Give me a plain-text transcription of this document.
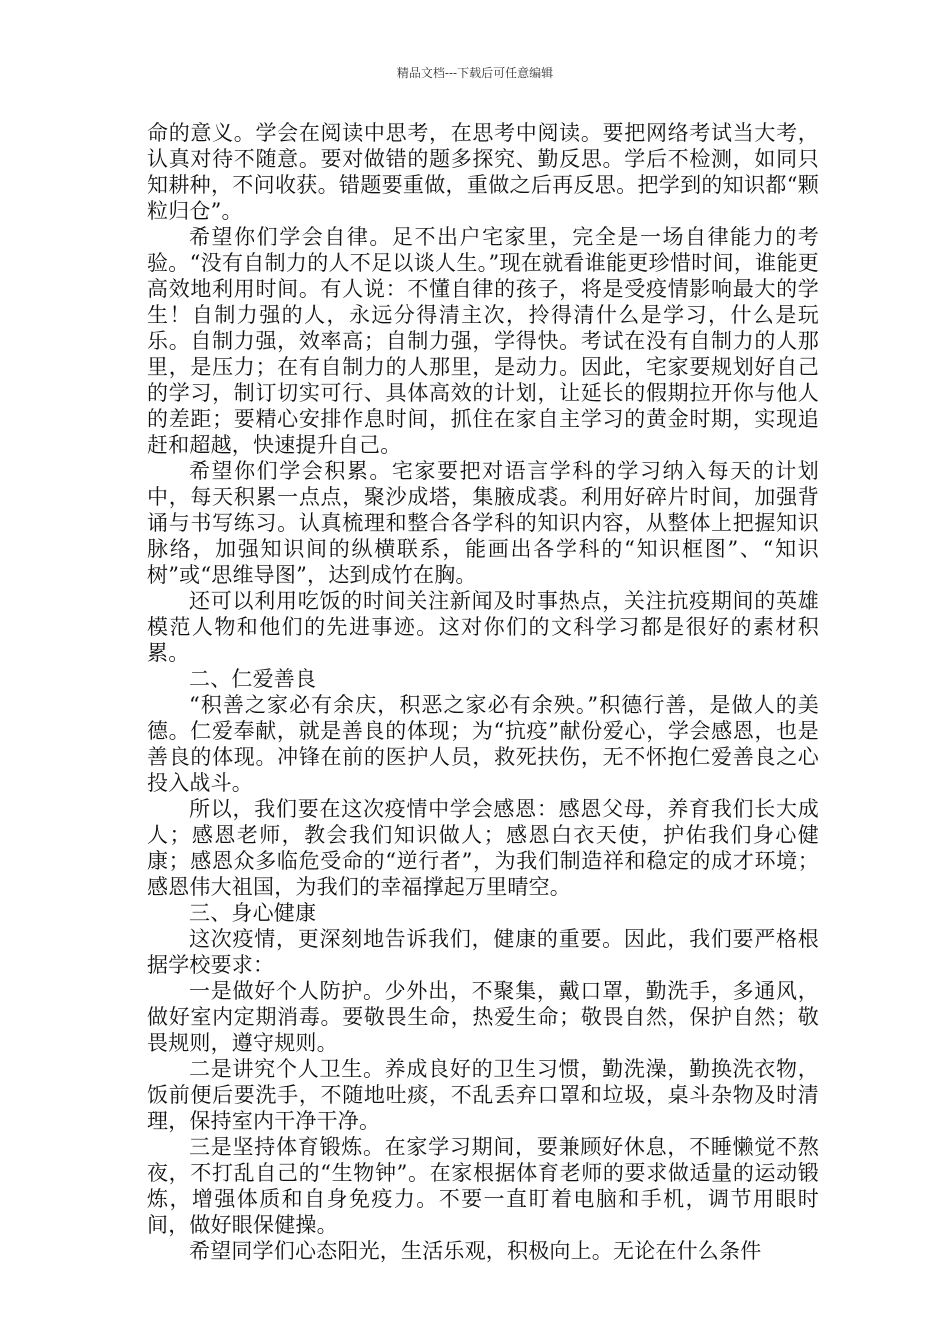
精品文档---下载后可任意编辑

命的意义。学会在阅读中思考，在思考中阅读。要把网络考试当大考，认真对待不随意。要对做错的题多探究、勤反思。学后不检测，如同只知耕种，不问收获。错题要重做，重做之后再反思。把学到的知识都“颗粒归仓”。

希望你们学会自律。足不出户宅家里，完全是一场自律能力的考验。“没有自制力的人不足以谈人生。”现在就看谁能更珍惜时间，谁能更高效地利用时间。有人说：不懂自律的孩子，将是受疫情影响最大的学生！自制力强的人，永远分得清主次，拎得清什么是学习，什么是玩乐。自制力强，效率高；自制力强，学得快。考试在没有自制力的人那里，是压力；在有自制力的人那里，是动力。因此，宅家要规划好自己的学习，制订切实可行、具体高效的计划，让延长的假期拉开你与他人的差距；要精心安排作息时间，抓住在家自主学习的黄金时期，实现追赶和超越，快速提升自己。

希望你们学会积累。宅家要把对语言学科的学习纳入每天的计划中，每天积累一点点，聚沙成塔，集腋成裘。利用好碎片时间，加强背诵与书写练习。认真梳理和整合各学科的知识内容，从整体上把握知识脉络，加强知识间的纵横联系，能画出各学科的“知识框图”、“知识树”或“思维导图”，达到成竹在胸。

还可以利用吃饭的时间关注新闻及时事热点，关注抗疫期间的英雄模范人物和他们的先进事迹。这对你们的文科学习都是很好的素材积累。

二、仁爱善良

“积善之家必有余庆，积恶之家必有余殃。”积德行善，是做人的美德。仁爱奉献，就是善良的体现；为“抗疫”献份爱心，学会感恩，也是善良的体现。冲锋在前的医护人员，救死扶伤，无不怀抱仁爱善良之心投入战斗。

所以，我们要在这次疫情中学会感恩：感恩父母，养育我们长大成人；感恩老师，教会我们知识做人；感恩白衣天使，护佑我们身心健康；感恩众多临危受命的“逆行者”，为我们制造祥和稳定的成才环境；感恩伟大祖国，为我们的幸福撑起万里晴空。

三、身心健康

这次疫情，更深刻地告诉我们，健康的重要。因此，我们要严格根据学校要求：

一是做好个人防护。少外出，不聚集，戴口罩，勤洗手，多通风，做好室内定期消毒。要敬畏生命，热爱生命；敬畏自然，保护自然；敬畏规则，遵守规则。

二是讲究个人卫生。养成良好的卫生习惯，勤洗澡，勤换洗衣物，饭前便后要洗手，不随地吐痰，不乱丢弃口罩和垃圾，桌斗杂物及时清理，保持室内干净干净。

三是坚持体育锻炼。在家学习期间，要兼顾好休息，不睡懒觉不熬夜，不打乱自己的“生物钟”。在家根据体育老师的要求做适量的运动锻炼，增强体质和自身免疫力。不要一直盯着电脑和手机，调节用眼时间，做好眼保健操。

希望同学们心态阳光，生活乐观，积极向上。无论在什么条件
